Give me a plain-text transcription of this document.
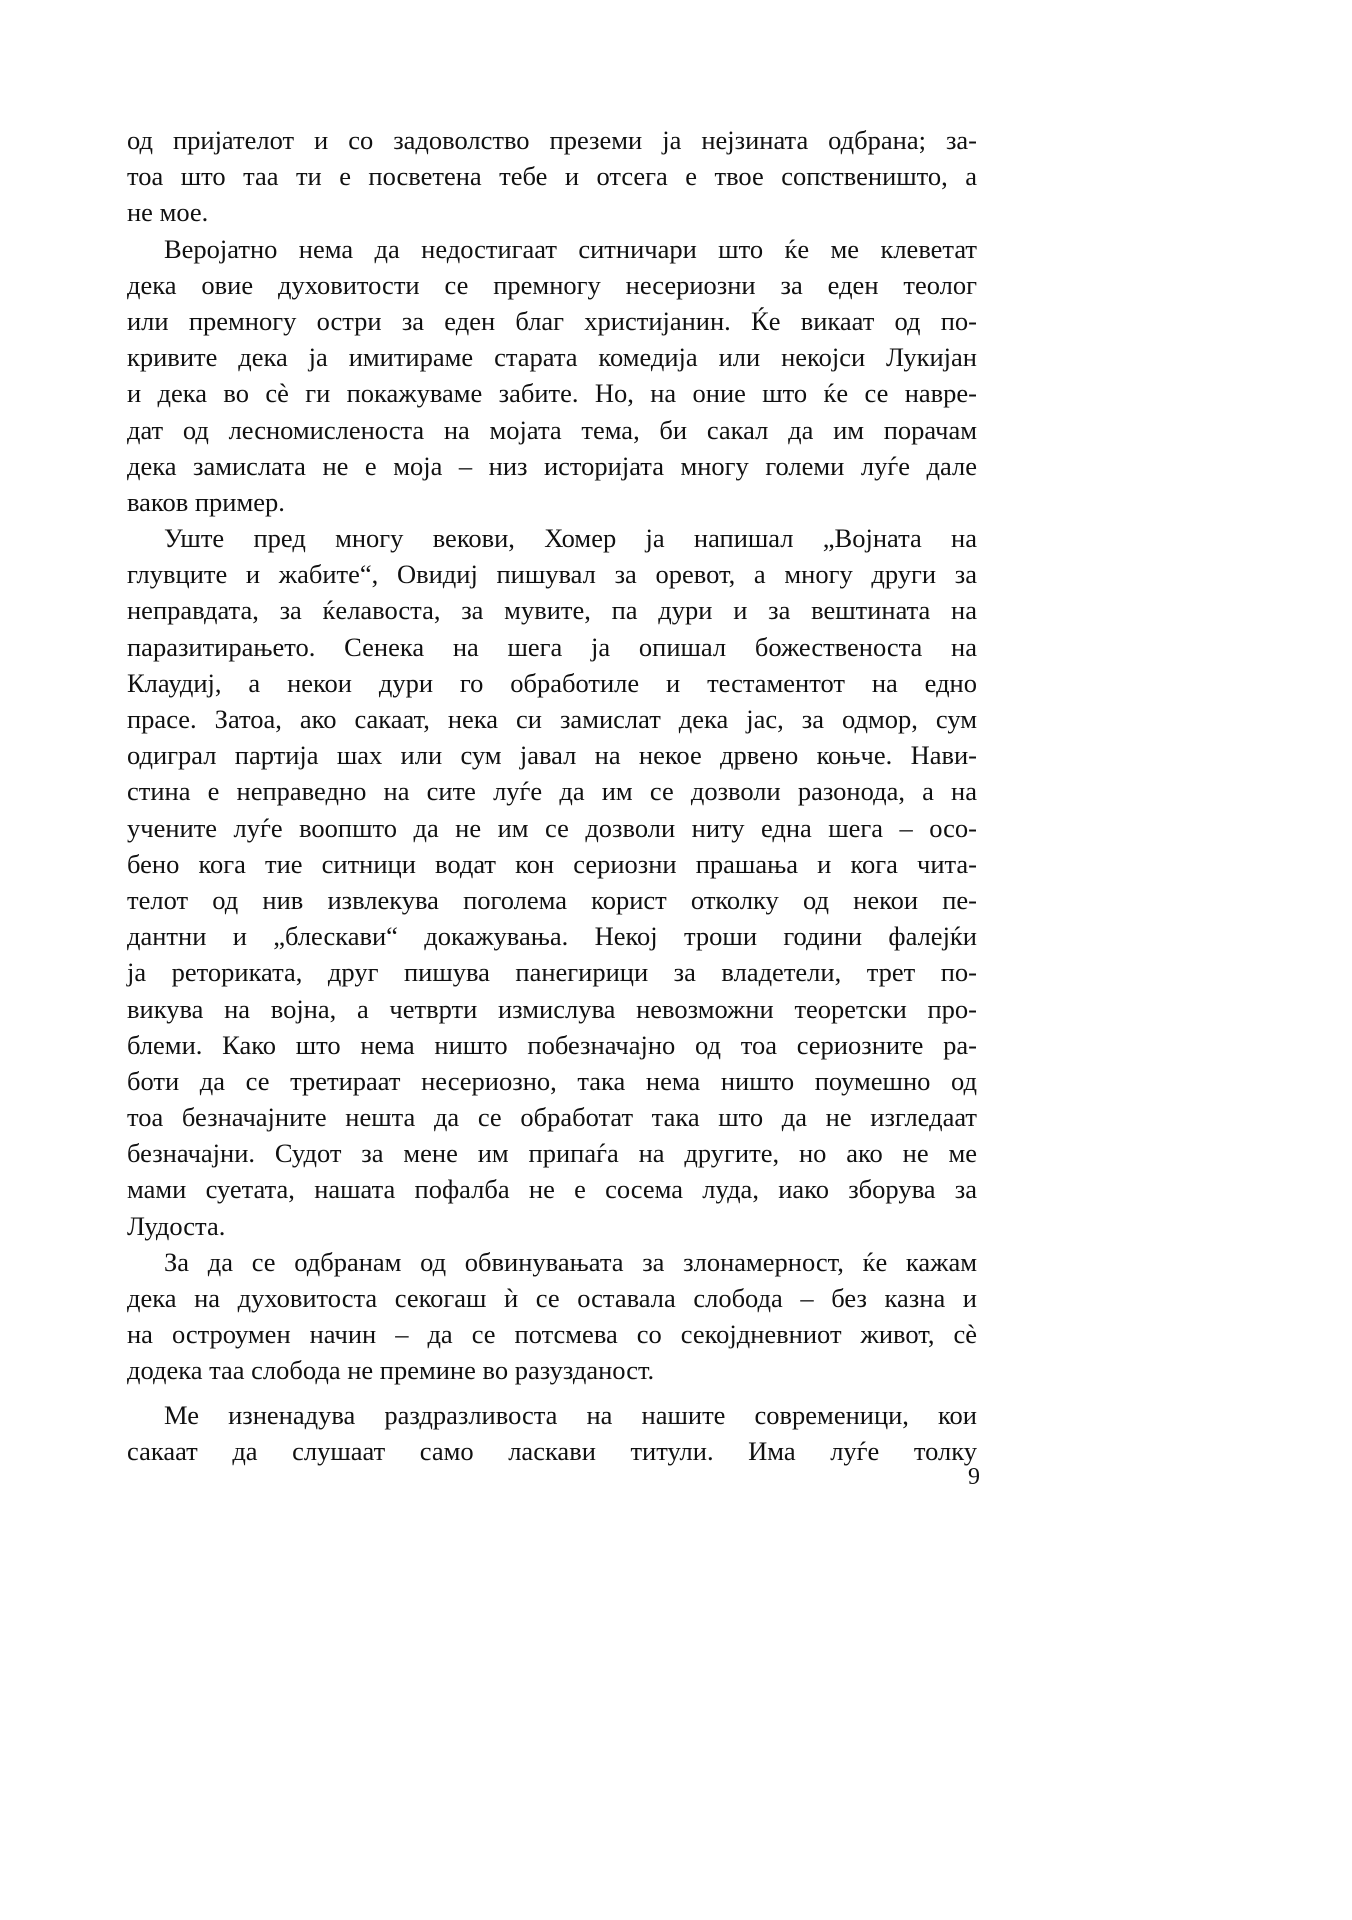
од пријателот и со задоволство преземи ја нејзината одбрана; за-
тоа што таа ти е посветена тебе и отсега е твое сопственишто, а
не мое.
Веројатно нема да недостигаат ситничари што ќе ме клеветат
дека овие духовитости се премногу несериозни за еден теолог
или премногу остри за еден благ христијанин. Ќе викаат од по-
кривите дека ја имитираме старата комедија или некојси Лукијан
и дека во сѐ ги покажуваме забите. Но, на оние што ќе се навре-
дат од лесномисленоста на мојата тема, би сакал да им порачам
дека замислата не е моја – низ историјата многу големи луѓе дале
ваков пример.
Уште пред многу векови, Хомер ја напишал „Војната на
глувците и жабите“, Овидиј пишувал за оревот, а многу други за
неправдата, за ќелавоста, за мувите, па дури и за вештината на
паразитирањето. Сенека на шега ја опишал божественоста на
Клаудиј, а некои дури го обработиле и тестаментот на едно
прасе. Затоа, ако сакаат, нека си замислат дека јас, за одмор, сум
одиграл партија шах или сум јавал на некое дрвено коњче. Нави-
стина е неправедно на сите луѓе да им се дозволи разонода, а на
учените луѓе воопшто да не им се дозволи ниту една шега – осо-
бено кога тие ситници водат кон сериозни прашања и кога чита-
телот од нив извлекува поголема корист отколку од некои пе-
дантни и „блескави“ докажувања. Некој троши години фалејќи
ја реториката, друг пишува панегирици за владетели, трет по-
викува на војна, а четврти измислува невозможни теоретски про-
блеми. Како што нема ништо побезначајно од тоа сериозните ра-
боти да се третираат несериозно, така нема ништо поумешно од
тоа безначајните нешта да се обработат така што да не изгледаат
безначајни. Судот за мене им припаѓа на другите, но ако не ме
мами суетата, нашата пофалба не е сосема луда, иако зборува за
Лудоста.
За да се одбранам од обвинувањата за злонамерност, ќе кажам
дека на духовитоста секогаш ѝ се оставала слобода – без казна и
на остроумен начин – да се потсмева со секојдневниот живот, сѐ
додека таа слобода не премине во разузданост.
Ме изненадува раздразливоста на нашите современици, кои
сакаат да слушаат само ласкави титули. Има луѓе толку
9
